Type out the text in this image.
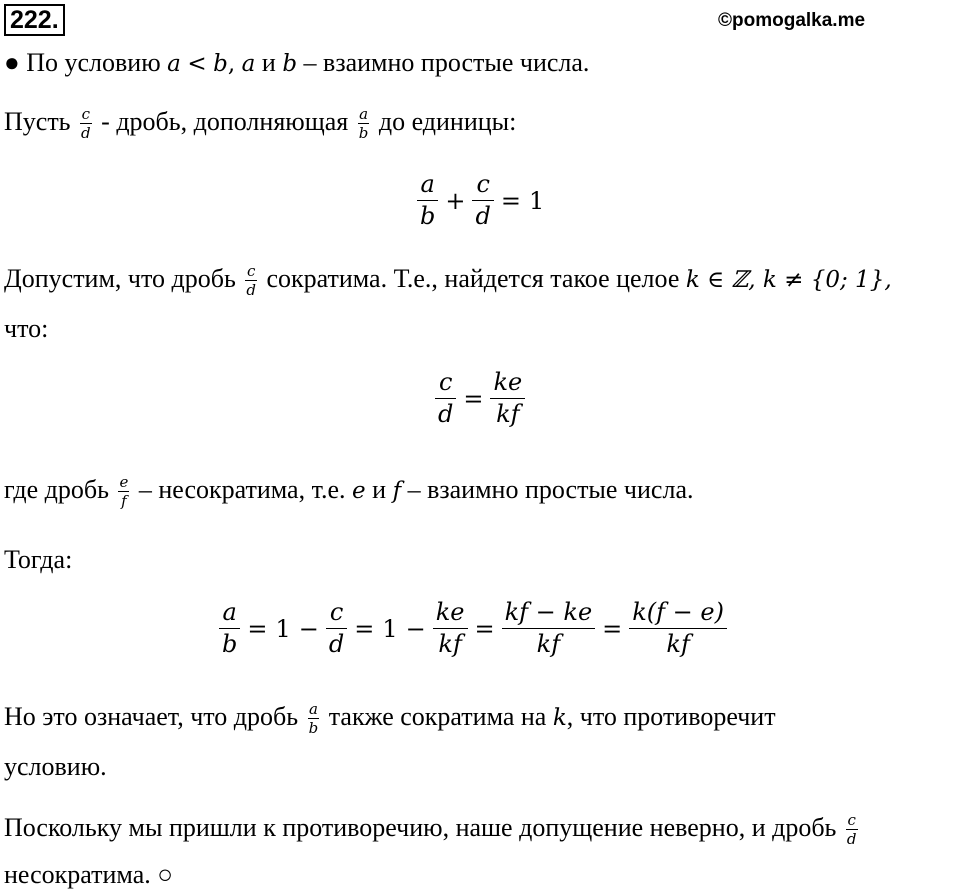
222.	©pomogalka.me
● По условию a < b, a и b – взаимно простые числа.
Пусть $\frac{c}{d}$ - дробь, дополняющая $\frac{a}{b}$ до единицы:
$\frac{a}{b} + \frac{c}{d} = 1$
Допустим, что дробь $\frac{c}{d}$ сократима. Т.е., найдется такое целое k ∈ ℤ, k ≠ {0; 1},
что:
$\frac{c}{d} = \frac{ke}{kf}$
где дробь $\frac{e}{f}$ – несократима, т.е. e и f – взаимно простые числа.
Тогда:
$\frac{a}{b} = 1 - \frac{c}{d} = 1 - \frac{ke}{kf} = \frac{kf - ke}{kf} = \frac{k(f - e)}{kf}$
Но это означает, что дробь $\frac{a}{b}$ также сократима на k, что противоречит
условию.
Поскольку мы пришли к противоречию, наше допущение неверно, и дробь $\frac{c}{d}$
несократима. ○
